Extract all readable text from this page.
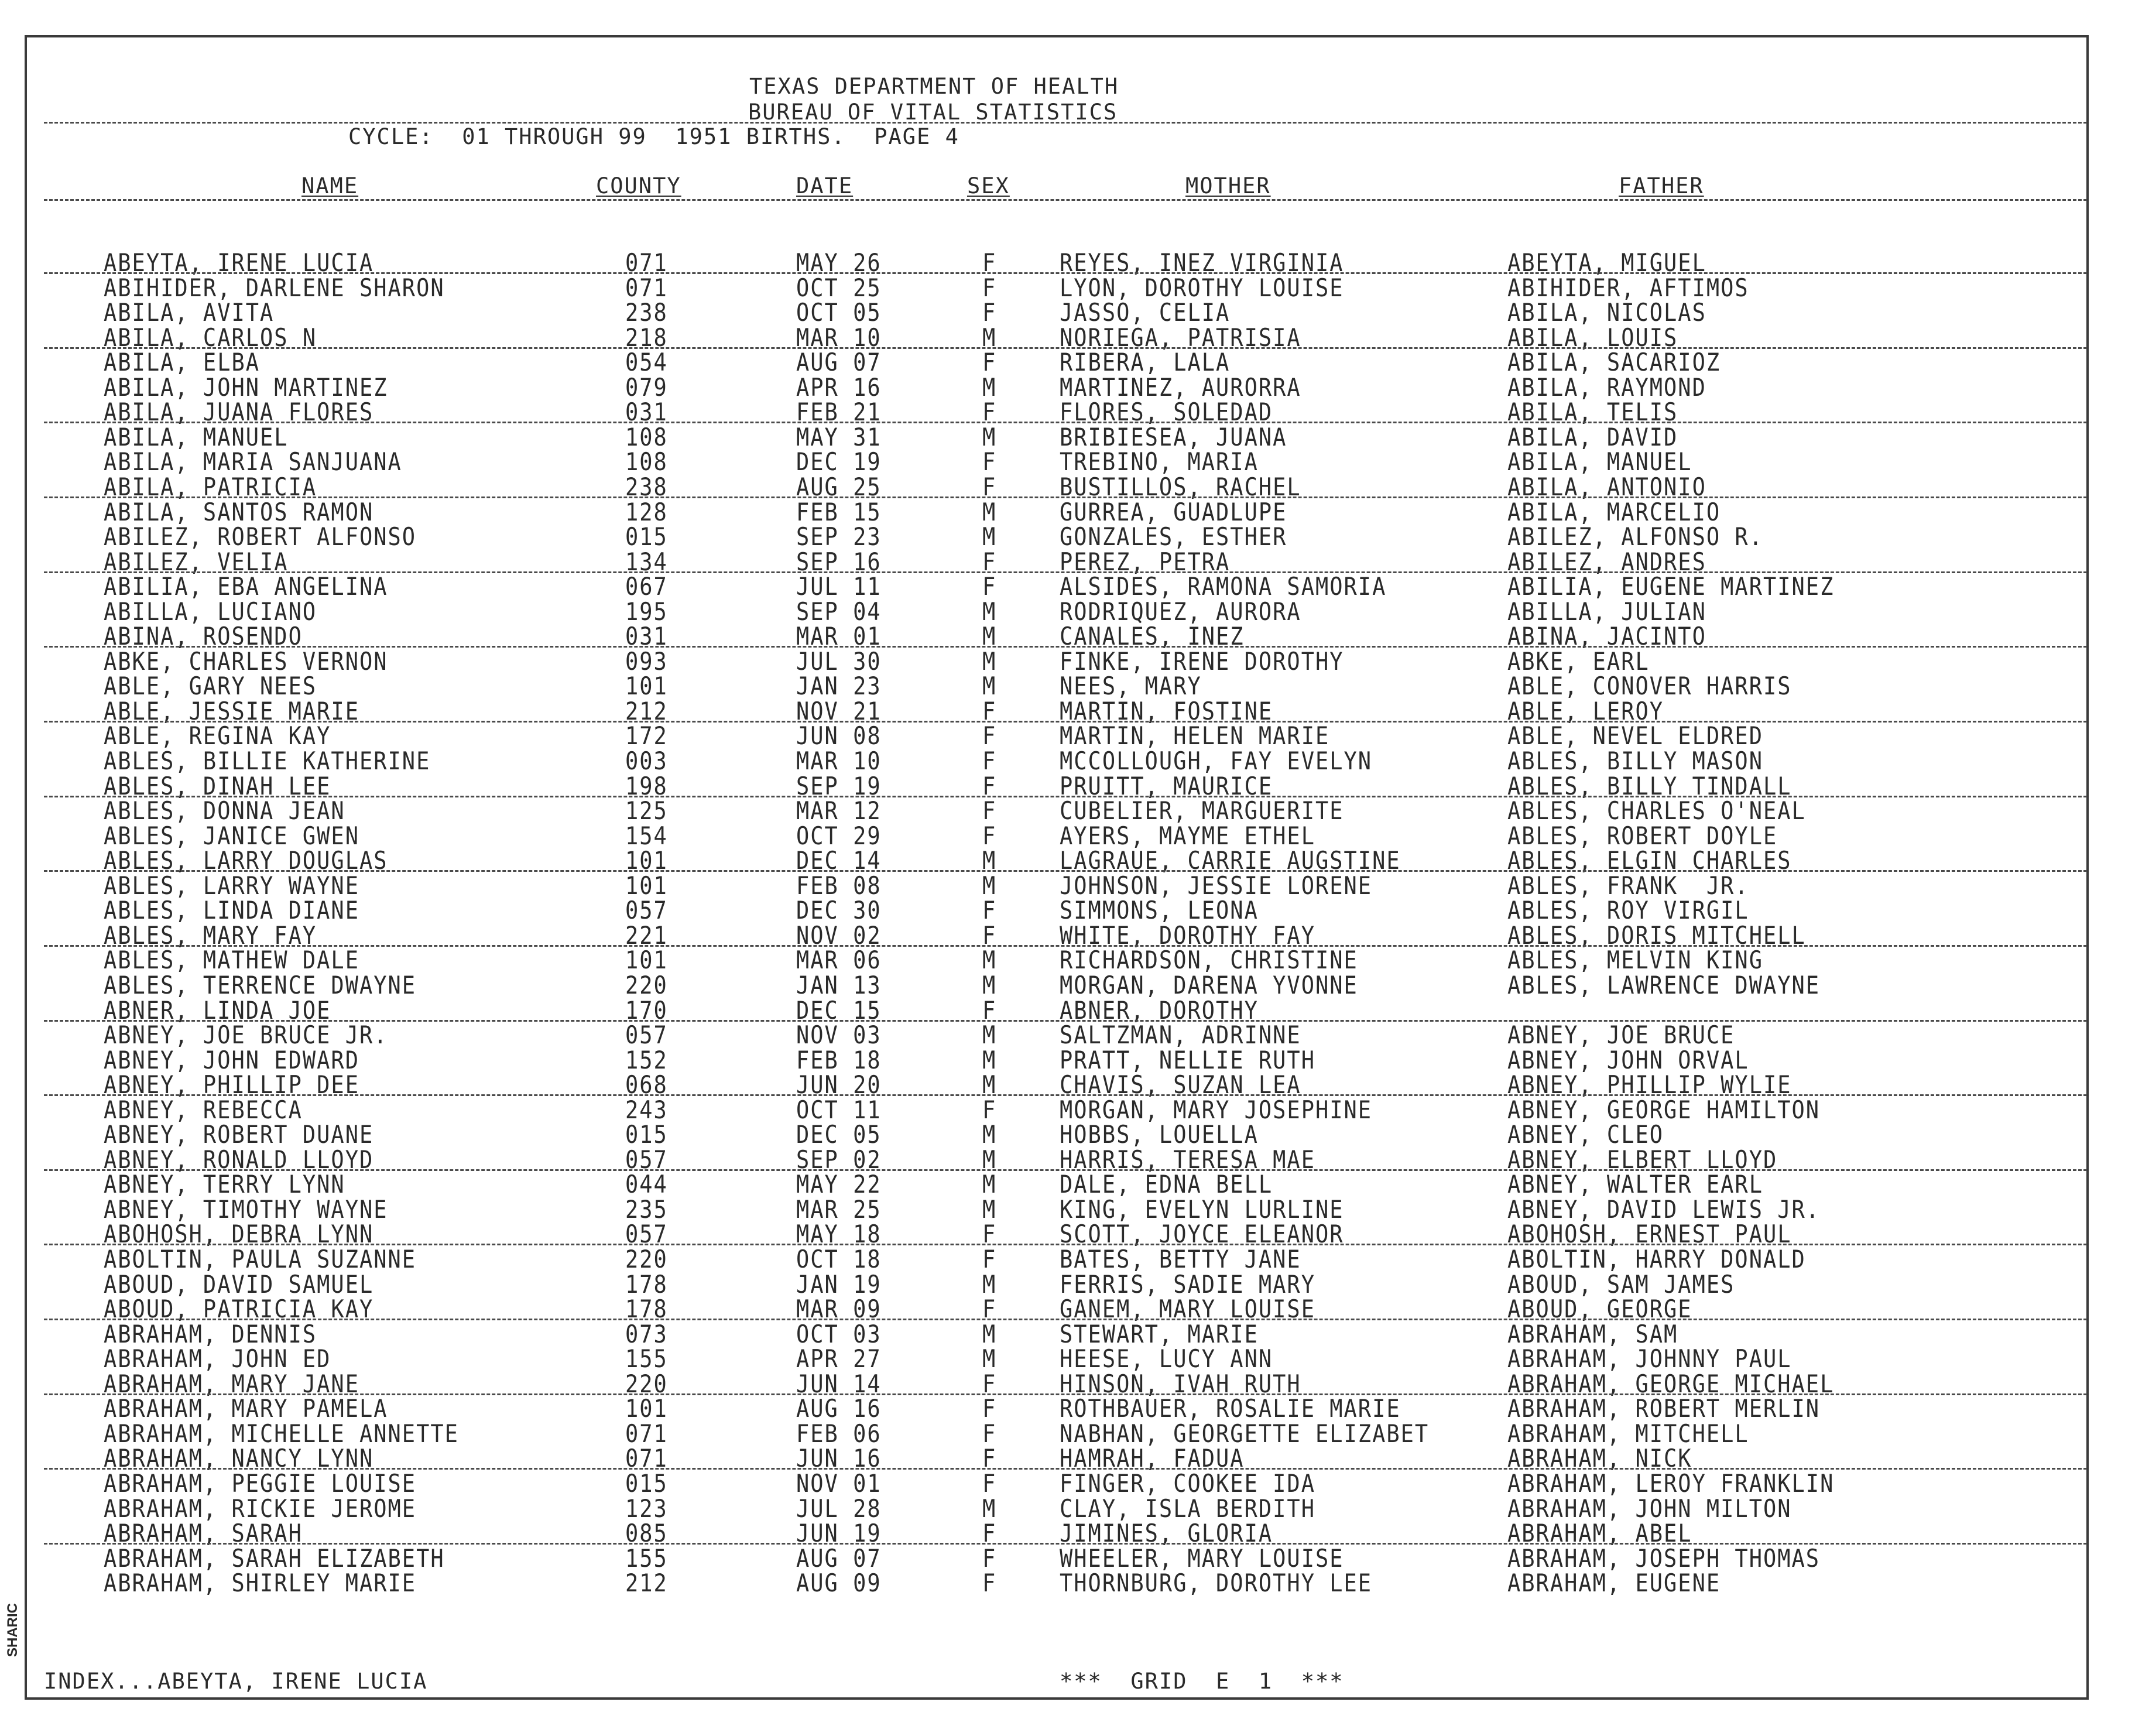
TEXAS DEPARTMENT OF HEALTH
BUREAU OF VITAL STATISTICS
CYCLE:  01 THROUGH 99  1951 BIRTHS.  PAGE 4
NAME	COUNTY	DATE	SEX	MOTHER	FATHER
ABEYTA, IRENE LUCIA	071	MAY 26	F	REYES, INEZ VIRGINIA	ABEYTA, MIGUEL
ABIHIDER, DARLENE SHARON	071	OCT 25	F	LYON, DOROTHY LOUISE	ABIHIDER, AFTIMOS
ABILA, AVITA	238	OCT 05	F	JASSO, CELIA	ABILA, NICOLAS
ABILA, CARLOS N	218	MAR 10	M	NORIEGA, PATRISIA	ABILA, LOUIS
ABILA, ELBA	054	AUG 07	F	RIBERA, LALA	ABILA, SACARIOZ
ABILA, JOHN MARTINEZ	079	APR 16	M	MARTINEZ, AURORRA	ABILA, RAYMOND
ABILA, JUANA FLORES	031	FEB 21	F	FLORES, SOLEDAD	ABILA, TELIS
ABILA, MANUEL	108	MAY 31	M	BRIBIESEA, JUANA	ABILA, DAVID
ABILA, MARIA SANJUANA	108	DEC 19	F	TREBINO, MARIA	ABILA, MANUEL
ABILA, PATRICIA	238	AUG 25	F	BUSTILLOS, RACHEL	ABILA, ANTONIO
ABILA, SANTOS RAMON	128	FEB 15	M	GURREA, GUADLUPE	ABILA, MARCELIO
ABILEZ, ROBERT ALFONSO	015	SEP 23	M	GONZALES, ESTHER	ABILEZ, ALFONSO R.
ABILEZ, VELIA	134	SEP 16	F	PEREZ, PETRA	ABILEZ, ANDRES
ABILIA, EBA ANGELINA	067	JUL 11	F	ALSIDES, RAMONA SAMORIA	ABILIA, EUGENE MARTINEZ
ABILLA, LUCIANO	195	SEP 04	M	RODRIQUEZ, AURORA	ABILLA, JULIAN
ABINA, ROSENDO	031	MAR 01	M	CANALES, INEZ	ABINA, JACINTO
ABKE, CHARLES VERNON	093	JUL 30	M	FINKE, IRENE DOROTHY	ABKE, EARL
ABLE, GARY NEES	101	JAN 23	M	NEES, MARY	ABLE, CONOVER HARRIS
ABLE, JESSIE MARIE	212	NOV 21	F	MARTIN, FOSTINE	ABLE, LEROY
ABLE, REGINA KAY	172	JUN 08	F	MARTIN, HELEN MARIE	ABLE, NEVEL ELDRED
ABLES, BILLIE KATHERINE	003	MAR 10	F	MCCOLLOUGH, FAY EVELYN	ABLES, BILLY MASON
ABLES, DINAH LEE	198	SEP 19	F	PRUITT, MAURICE	ABLES, BILLY TINDALL
ABLES, DONNA JEAN	125	MAR 12	F	CUBELIER, MARGUERITE	ABLES, CHARLES O'NEAL
ABLES, JANICE GWEN	154	OCT 29	F	AYERS, MAYME ETHEL	ABLES, ROBERT DOYLE
ABLES, LARRY DOUGLAS	101	DEC 14	M	LAGRAUE, CARRIE AUGSTINE	ABLES, ELGIN CHARLES
ABLES, LARRY WAYNE	101	FEB 08	M	JOHNSON, JESSIE LORENE	ABLES, FRANK  JR.
ABLES, LINDA DIANE	057	DEC 30	F	SIMMONS, LEONA	ABLES, ROY VIRGIL
ABLES, MARY FAY	221	NOV 02	F	WHITE, DOROTHY FAY	ABLES, DORIS MITCHELL
ABLES, MATHEW DALE	101	MAR 06	M	RICHARDSON, CHRISTINE	ABLES, MELVIN KING
ABLES, TERRENCE DWAYNE	220	JAN 13	M	MORGAN, DARENA YVONNE	ABLES, LAWRENCE DWAYNE
ABNER, LINDA JOE	170	DEC 15	F	ABNER, DOROTHY
ABNEY, JOE BRUCE JR.	057	NOV 03	M	SALTZMAN, ADRINNE	ABNEY, JOE BRUCE
ABNEY, JOHN EDWARD	152	FEB 18	M	PRATT, NELLIE RUTH	ABNEY, JOHN ORVAL
ABNEY, PHILLIP DEE	068	JUN 20	M	CHAVIS, SUZAN LEA	ABNEY, PHILLIP WYLIE
ABNEY, REBECCA	243	OCT 11	F	MORGAN, MARY JOSEPHINE	ABNEY, GEORGE HAMILTON
ABNEY, ROBERT DUANE	015	DEC 05	M	HOBBS, LOUELLA	ABNEY, CLEO
ABNEY, RONALD LLOYD	057	SEP 02	M	HARRIS, TERESA MAE	ABNEY, ELBERT LLOYD
ABNEY, TERRY LYNN	044	MAY 22	M	DALE, EDNA BELL	ABNEY, WALTER EARL
ABNEY, TIMOTHY WAYNE	235	MAR 25	M	KING, EVELYN LURLINE	ABNEY, DAVID LEWIS JR.
ABOHOSH, DEBRA LYNN	057	MAY 18	F	SCOTT, JOYCE ELEANOR	ABOHOSH, ERNEST PAUL
ABOLTIN, PAULA SUZANNE	220	OCT 18	F	BATES, BETTY JANE	ABOLTIN, HARRY DONALD
ABOUD, DAVID SAMUEL	178	JAN 19	M	FERRIS, SADIE MARY	ABOUD, SAM JAMES
ABOUD, PATRICIA KAY	178	MAR 09	F	GANEM, MARY LOUISE	ABOUD, GEORGE
ABRAHAM, DENNIS	073	OCT 03	M	STEWART, MARIE	ABRAHAM, SAM
ABRAHAM, JOHN ED	155	APR 27	M	HEESE, LUCY ANN	ABRAHAM, JOHNNY PAUL
ABRAHAM, MARY JANE	220	JUN 14	F	HINSON, IVAH RUTH	ABRAHAM, GEORGE MICHAEL
ABRAHAM, MARY PAMELA	101	AUG 16	F	ROTHBAUER, ROSALIE MARIE	ABRAHAM, ROBERT MERLIN
ABRAHAM, MICHELLE ANNETTE	071	FEB 06	F	NABHAN, GEORGETTE ELIZABET	ABRAHAM, MITCHELL
ABRAHAM, NANCY LYNN	071	JUN 16	F	HAMRAH, FADUA	ABRAHAM, NICK
ABRAHAM, PEGGIE LOUISE	015	NOV 01	F	FINGER, COOKEE IDA	ABRAHAM, LEROY FRANKLIN
ABRAHAM, RICKIE JEROME	123	JUL 28	M	CLAY, ISLA BERDITH	ABRAHAM, JOHN MILTON
ABRAHAM, SARAH	085	JUN 19	F	JIMINES, GLORIA	ABRAHAM, ABEL
ABRAHAM, SARAH ELIZABETH	155	AUG 07	F	WHEELER, MARY LOUISE	ABRAHAM, JOSEPH THOMAS
ABRAHAM, SHIRLEY MARIE	212	AUG 09	F	THORNBURG, DOROTHY LEE	ABRAHAM, EUGENE
INDEX...ABEYTA, IRENE LUCIA	***  GRID  E  1  ***
SHARIC
